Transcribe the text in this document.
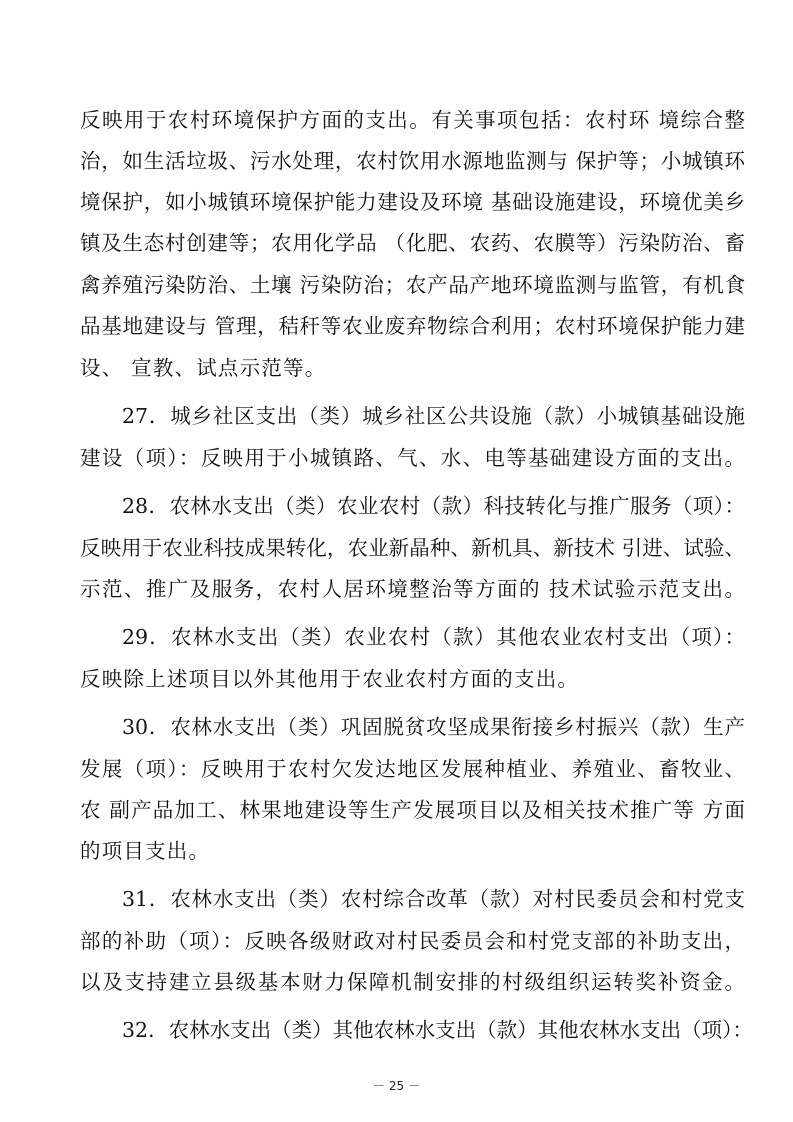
反映用于农村环境保护方面的支出。有关事项包括：农村环 境综合整
治，如生活垃圾、污水处理，农村饮用水源地监测与 保护等；小城镇环
境保护，如小城镇环境保护能力建设及环境 基础设施建设，环境优美乡
镇及生态村创建等；农用化学品 （化肥、农药、农膜等）污染防治、畜
禽养殖污染防治、土壤 污染防治；农产品产地环境监测与监管，有机食
品基地建设与 管理，秸秆等农业废弃物综合利用；农村环境保护能力建
设、 宣教、试点示范等。
27．城乡社区支出（类）城乡社区公共设施（款）小城镇基础设施
建设（项）：反映用于小城镇路、气、水、电等基础建设方面的支出。
28．农林水支出（类）农业农村（款）科技转化与推广服务（项）：
反映用于农业科技成果转化，农业新晶种、新机具、新技术 引进、试验、
示范、推广及服务，农村人居环境整治等方面的 技术试验示范支出。
29．农林水支出（类）农业农村（款）其他农业农村支出（项）：
反映除上述项目以外其他用于农业农村方面的支出。
30．农林水支出（类）巩固脱贫攻坚成果衔接乡村振兴（款）生产
发展（项）：反映用于农村欠发达地区发展种植业、养殖业、畜牧业、
农 副产品加工、林果地建设等生产发展项目以及相关技术推广等 方面
的项目支出。
31．农林水支出（类）农村综合改革（款）对村民委员会和村党支
部的补助（项）：反映各级财政对村民委员会和村党支部的补助支出，
以及支持建立县级基本财力保障机制安排的村级组织运转奖补资金。
32．农林水支出（类）其他农林水支出（款）其他农林水支出（项）：
－ 25 －
